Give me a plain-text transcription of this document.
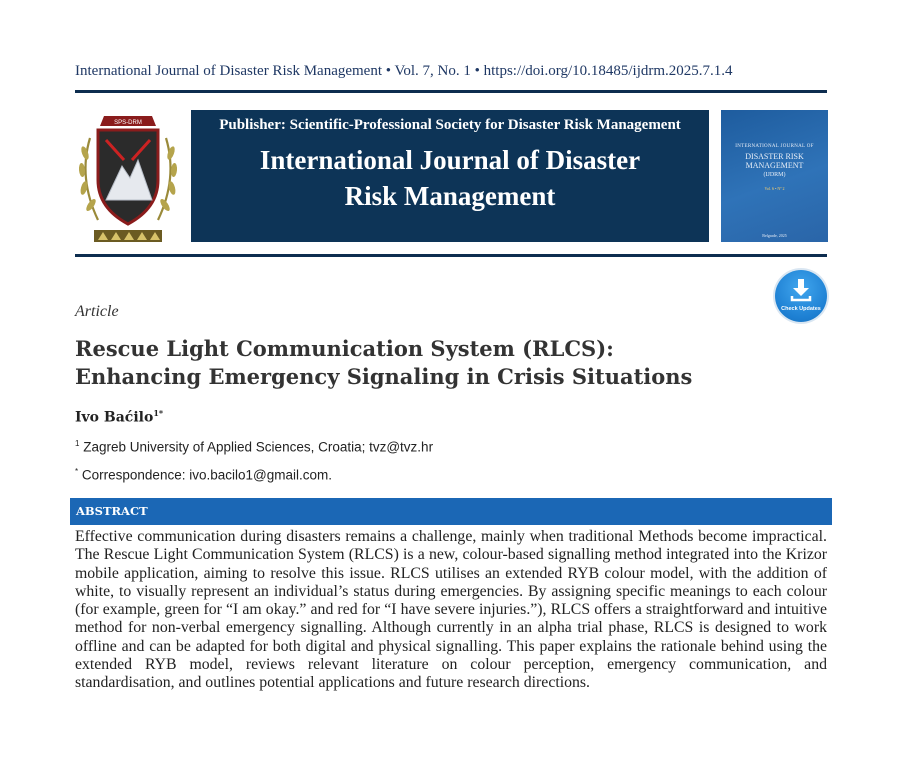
International Journal of Disaster Risk Management • Vol. 7, No. 1 • https://doi.org/10.18485/ijdrm.2025.7.1.4
SPS-DRM	Publisher: Scientific-Professional Society for Disaster Risk Management
International Journal of Disaster
Risk Management
INTERNATIONAL JOURNAL OF
DISASTER RISK MANAGEMENT
(IJDRM)
Vol. 6 • Nº 2
Belgrade, 2025
Check Updates
Article
Rescue Light Communication System (RLCS):
Enhancing Emergency Signaling in Crisis Situations
Ivo Baćilo$^{1*}$
$^1$ Zagreb University of Applied Sciences, Croatia; tvz@tvz.hr
* Correspondence: ivo.bacilo1@gmail.com.
ABSTRACT
Effective communication during disasters remains a challenge, mainly when traditional Methods become impractical. The Rescue Light Communication System (RLCS) is a new, colour-based signalling method integrated into the Krizor mobile application, aiming to resolve this issue. RLCS utilises an extended RYB colour model, with the addition of white, to visually represent an individual’s status during emergencies. By assigning specific meanings to each colour (for example, green for “I am okay.” and red for “I have severe injuries.”), RLCS offers a straightforward and intuitive method for non-verbal emergency signalling. Although currently in an alpha trial phase, RLCS is designed to work offline and can be adapted for both digital and physical signalling. This paper explains the rationale behind using the extended RYB model, reviews relevant literature on colour perception, emergency communication, and standardisation, and outlines potential applications and future research directions.
